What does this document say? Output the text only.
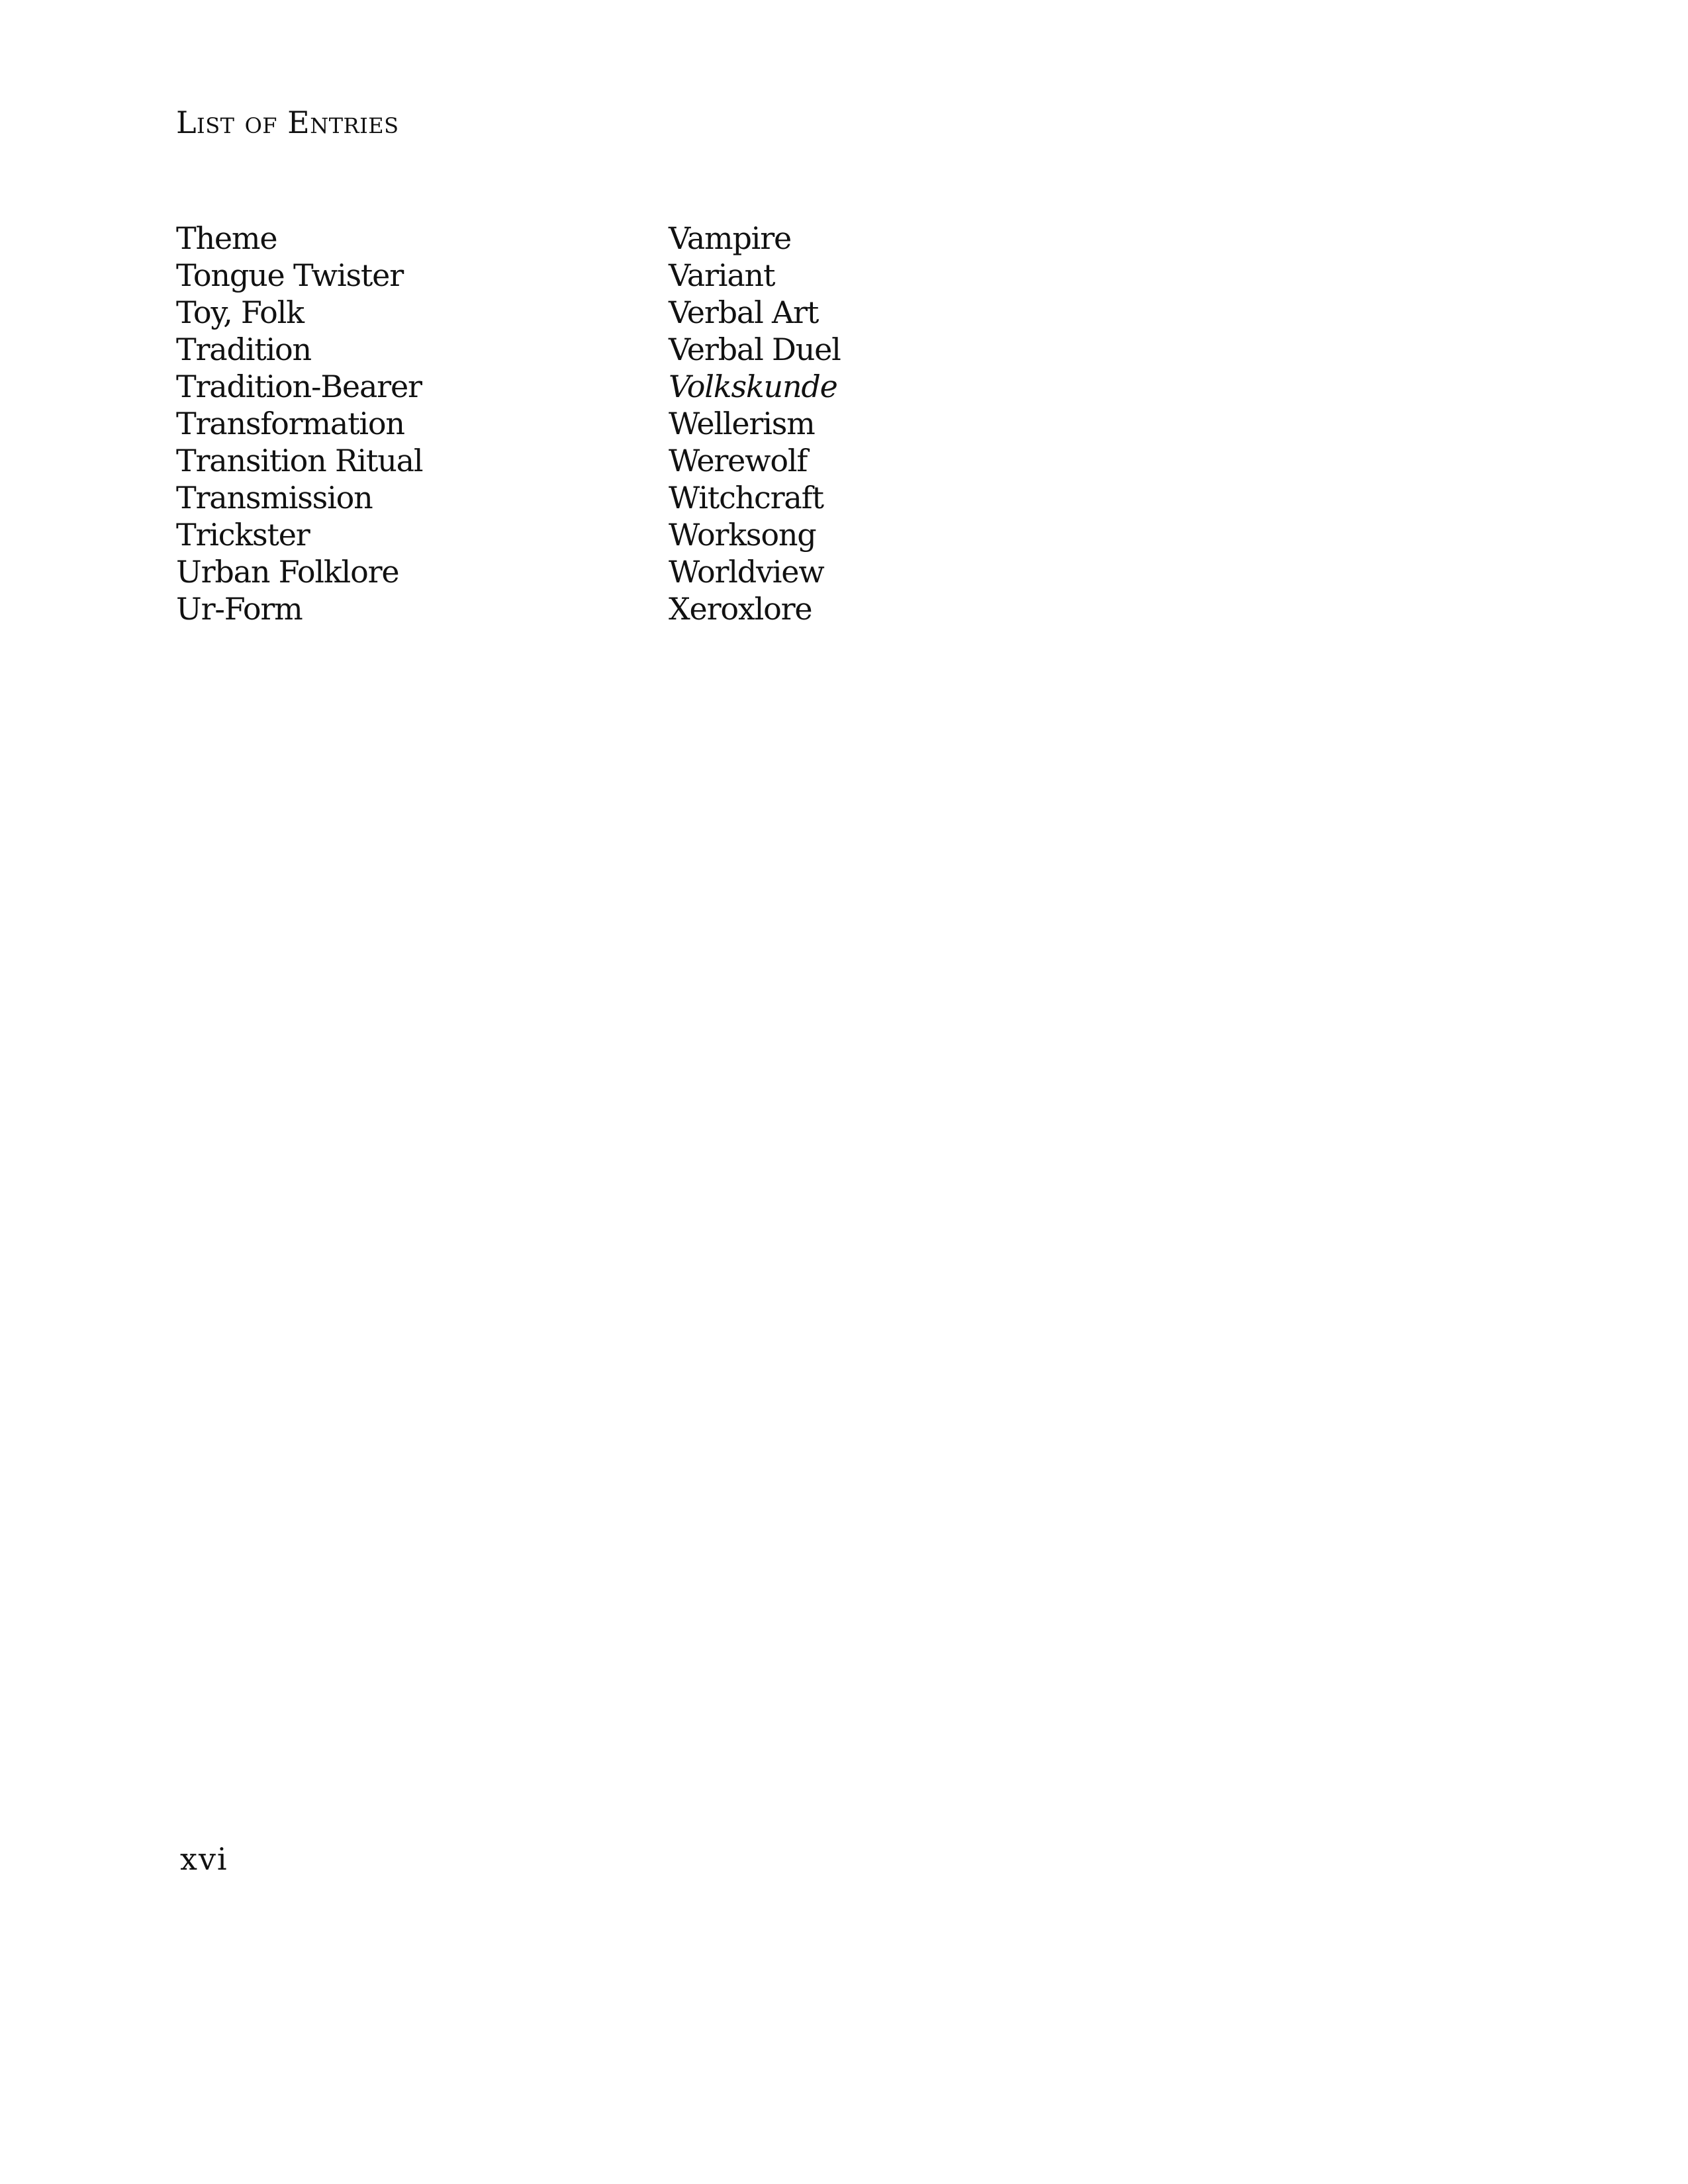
List of Entries
Theme
Tongue Twister
Toy, Folk
Tradition
Tradition-Bearer
Transformation
Transition Ritual
Transmission
Trickster
Urban Folklore
Ur-Form
Vampire
Variant
Verbal Art
Verbal Duel
Volkskunde
Wellerism
Werewolf
Witchcraft
Worksong
Worldview
Xeroxlore
xvi
